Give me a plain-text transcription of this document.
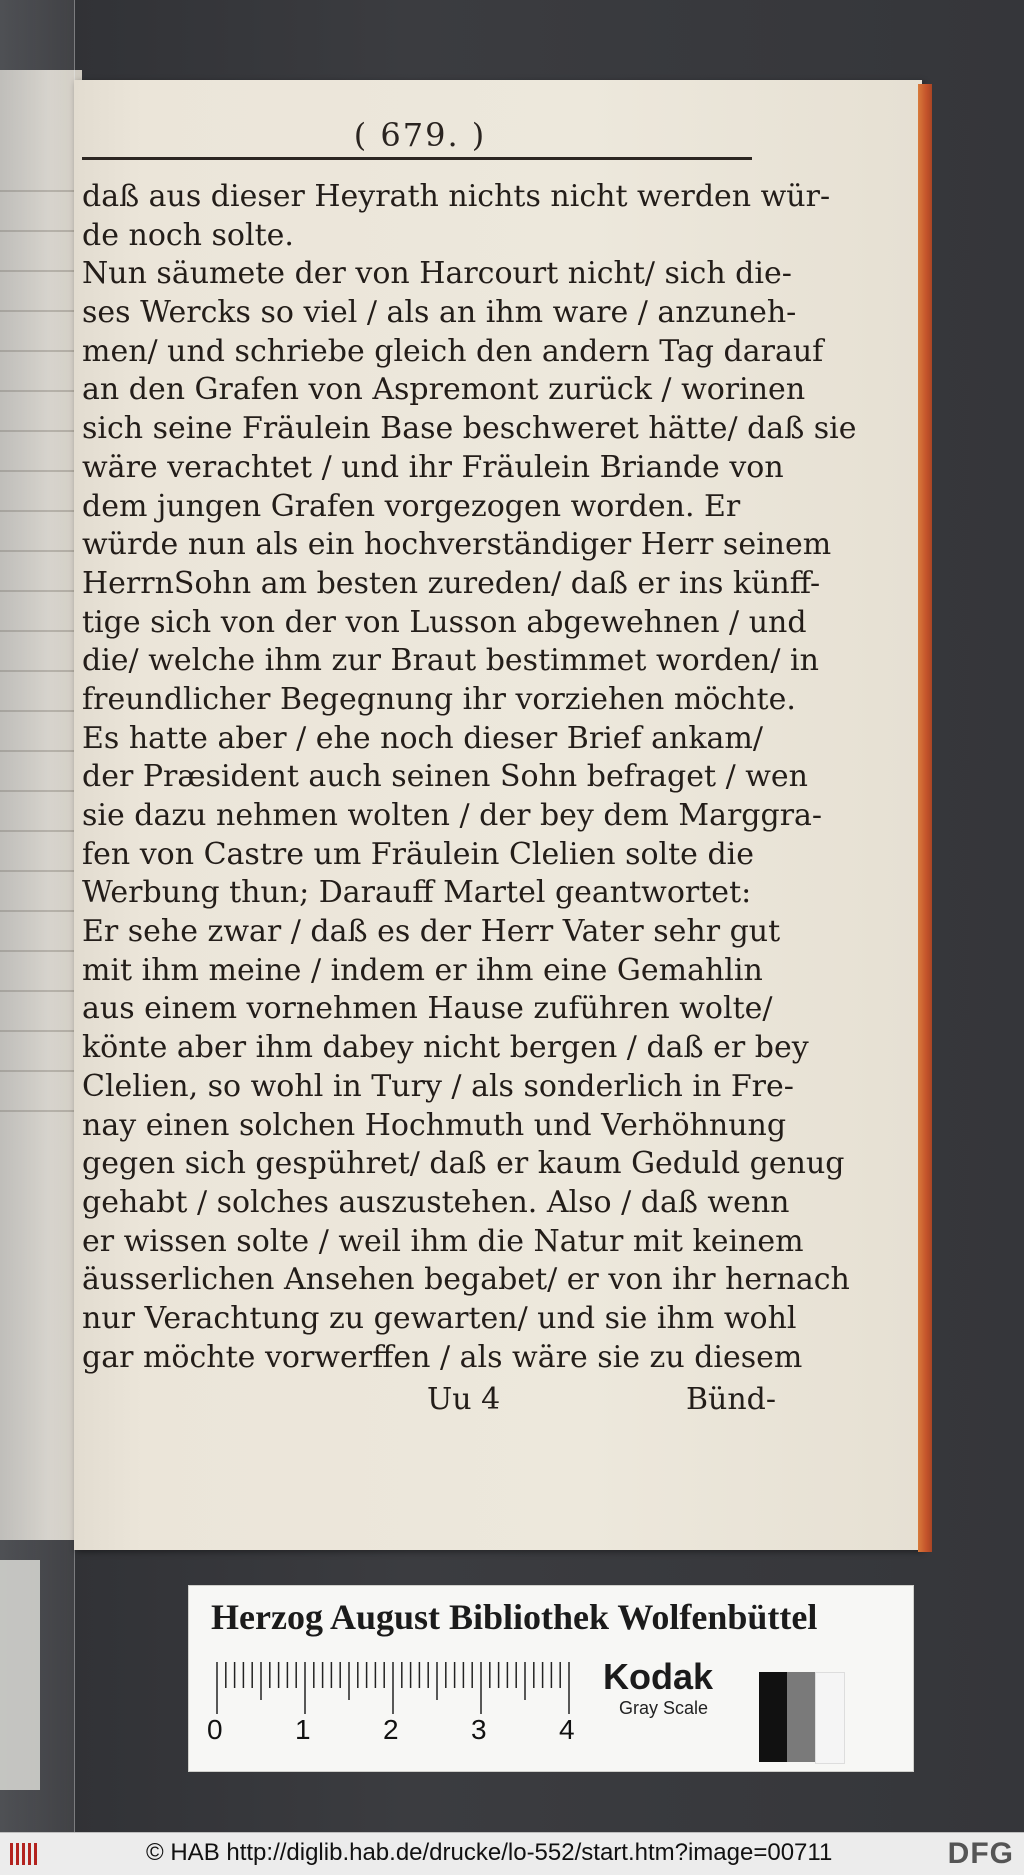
( 679. )
daß aus dieser Heyrath nichts nicht werden wür-
de noch solte.
Nun säumete der von Harcourt nicht/ sich die-
ses Wercks so viel / als an ihm ware / anzuneh-
men/ und schriebe gleich den andern Tag darauf
an den Grafen von Aspremont zurück / worinen
sich seine Fräulein Base beschweret hätte/ daß sie
wäre verachtet / und ihr Fräulein Briande von
dem jungen Grafen vorgezogen worden. Er
würde nun als ein hochverständiger Herr seinem
HerrnSohn am besten zureden/ daß er ins künff-
tige sich von der von Lusson abgewehnen / und
die/ welche ihm zur Braut bestimmet worden/ in
freundlicher Begegnung ihr vorziehen möchte.
Es hatte aber / ehe noch dieser Brief ankam/
der Præsident auch seinen Sohn befraget / wen
sie dazu nehmen wolten / der bey dem Marggra-
fen von Castre um Fräulein Clelien solte die
Werbung thun; Darauff Martel geantwortet:
Er sehe zwar / daß es der Herr Vater sehr gut
mit ihm meine / indem er ihm eine Gemahlin
aus einem vornehmen Hause zuführen wolte/
könte aber ihm dabey nicht bergen / daß er bey
Clelien, so wohl in Tury / als sonderlich in Fre-
nay einen solchen Hochmuth und Verhöhnung
gegen sich gespühret/ daß er kaum Geduld genug
gehabt / solches auszustehen. Also / daß wenn
er wissen solte / weil ihm die Natur mit keinem
äusserlichen Ansehen begabet/ er von ihr hernach
nur Verachtung zu gewarten/ und sie ihm wohl
gar möchte vorwerffen / als wäre sie zu diesem
Uu 4	Bünd-
Herzog August Bibliothek Wolfenbüttel
0	1	2	3	4
Kodak
Gray Scale
© HAB http://diglib.hab.de/drucke/lo-552/start.htm?image=00711	DFG
